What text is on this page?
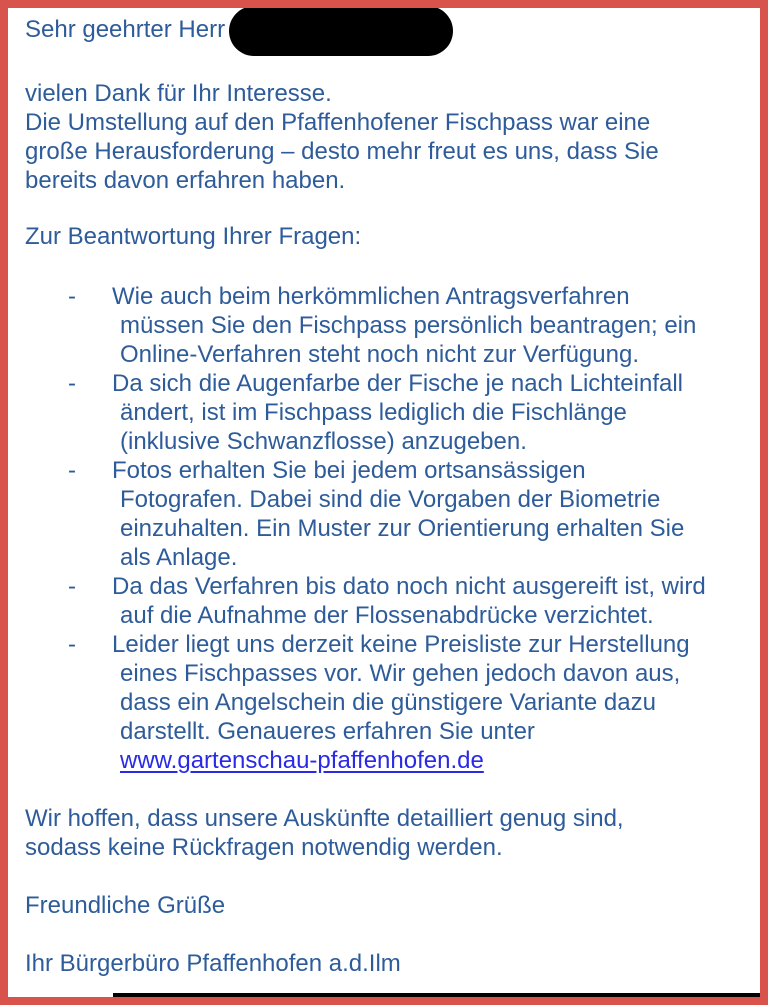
Sehr geehrter Herr
vielen Dank für Ihr Interesse.
Die Umstellung auf den Pfaffenhofener Fischpass war eine
große Herausforderung – desto mehr freut es uns, dass Sie
bereits davon erfahren haben.
Zur Beantwortung Ihrer Fragen:
- Wie auch beim herkömmlichen Antragsverfahren
müssen Sie den Fischpass persönlich beantragen; ein
Online-Verfahren steht noch nicht zur Verfügung.
- Da sich die Augenfarbe der Fische je nach Lichteinfall
ändert, ist im Fischpass lediglich die Fischlänge
(inklusive Schwanzflosse) anzugeben.
- Fotos erhalten Sie bei jedem ortsansässigen
Fotografen. Dabei sind die Vorgaben der Biometrie
einzuhalten. Ein Muster zur Orientierung erhalten Sie
als Anlage.
- Da das Verfahren bis dato noch nicht ausgereift ist, wird
auf die Aufnahme der Flossenabdrücke verzichtet.
- Leider liegt uns derzeit keine Preisliste zur Herstellung
eines Fischpasses vor. Wir gehen jedoch davon aus,
dass ein Angelschein die günstigere Variante dazu
darstellt. Genaueres erfahren Sie unter
www.gartenschau-pfaffenhofen.de
Wir hoffen, dass unsere Auskünfte detailliert genug sind,
sodass keine Rückfragen notwendig werden.
Freundliche Grüße
Ihr Bürgerbüro Pfaffenhofen a.d.Ilm
